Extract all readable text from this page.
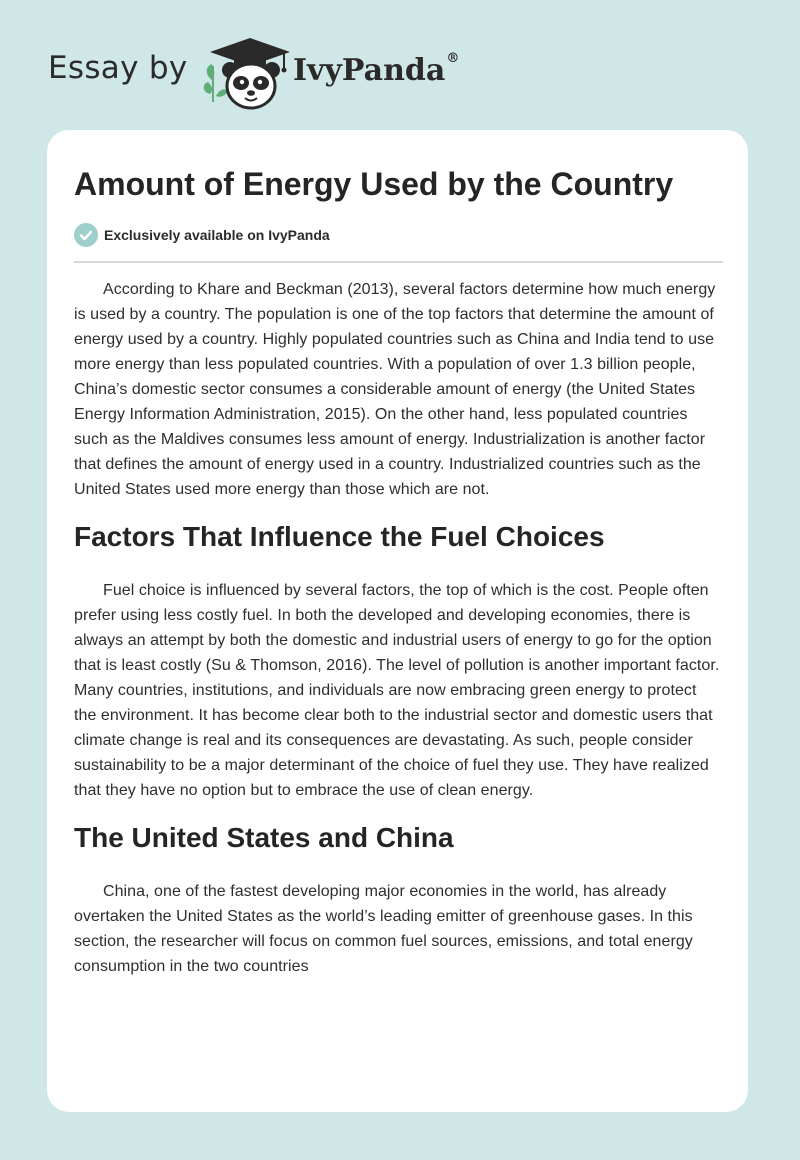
Essay by	IvyPanda®
Amount of Energy Used by the Country
Exclusively available on IvyPanda

According to Khare and Beckman (2013), several factors determine how much energy is used by a country. The population is one of the top factors that determine the amount of energy used by a country. Highly populated countries such as China and India tend to use more energy than less populated countries. With a population of over 1.3 billion people, China’s domestic sector consumes a considerable amount of energy (the United States Energy Information Administration, 2015). On the other hand, less populated countries such as the Maldives consumes less amount of energy. Industrialization is another factor that defines the amount of energy used in a country. Industrialized countries such as the United States used more energy than those which are not.

Factors That Influence the Fuel Choices

Fuel choice is influenced by several factors, the top of which is the cost. People often prefer using less costly fuel. In both the developed and developing economies, there is always an attempt by both the domestic and industrial users of energy to go for the option that is least costly (Su & Thomson, 2016). The level of pollution is another important factor. Many countries, institutions, and individuals are now embracing green energy to protect the environment. It has become clear both to the industrial sector and domestic users that climate change is real and its consequences are devastating. As such, people consider sustainability to be a major determinant of the choice of fuel they use. They have realized that they have no option but to embrace the use of clean energy.

The United States and China

China, one of the fastest developing major economies in the world, has already overtaken the United States as the world’s leading emitter of greenhouse gases. In this section, the researcher will focus on common fuel sources, emissions, and total energy consumption in the two countries
